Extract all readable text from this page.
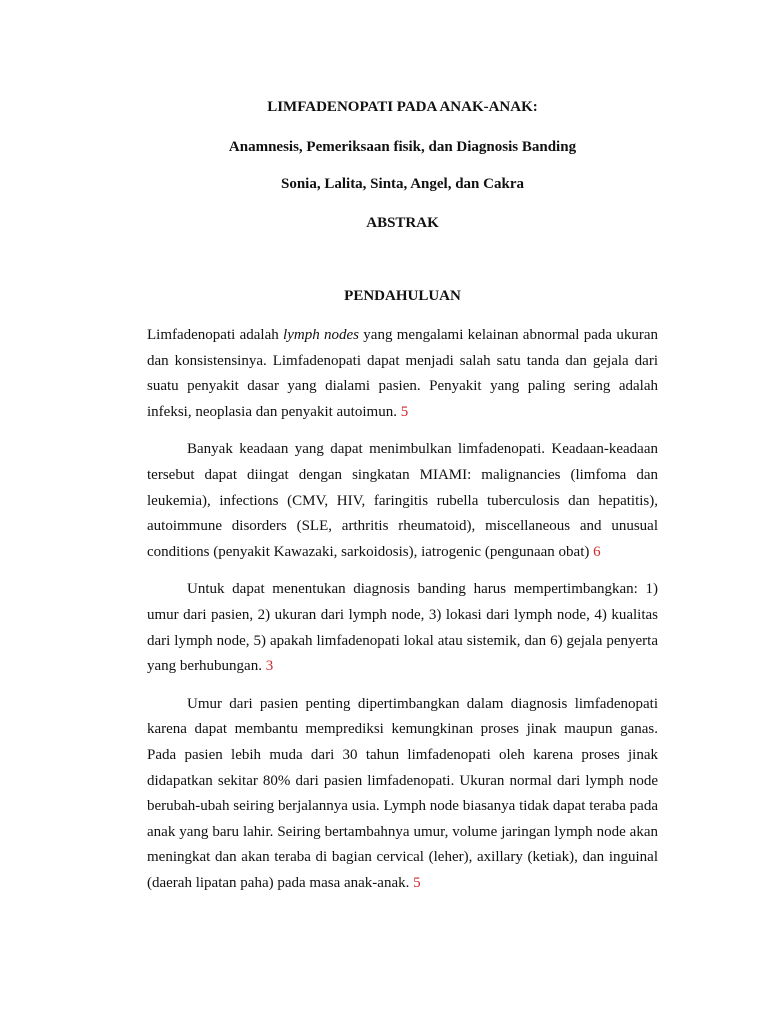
LIMFADENOPATI PADA ANAK-ANAK:
Anamnesis, Pemeriksaan fisik, dan Diagnosis Banding
Sonia, Lalita, Sinta, Angel, dan Cakra
ABSTRAK
PENDAHULUAN

Limfadenopati adalah lymph nodes yang mengalami kelainan abnormal pada ukuran dan konsistensinya. Limfadenopati dapat menjadi salah satu tanda dan gejala dari suatu penyakit dasar yang dialami pasien. Penyakit yang paling sering adalah infeksi, neoplasia dan penyakit autoimun. 5

Banyak keadaan yang dapat menimbulkan limfadenopati. Keadaan-keadaan tersebut dapat diingat dengan singkatan MIAMI: malignancies (limfoma dan leukemia), infections (CMV, HIV, faringitis rubella tuberculosis dan hepatitis), autoimmune disorders (SLE, arthritis rheumatoid), miscellaneous and unusual conditions (penyakit Kawazaki, sarkoidosis), iatrogenic (pengunaan obat) 6

Untuk dapat menentukan diagnosis banding harus mempertimbangkan: 1) umur dari pasien, 2) ukuran dari lymph node, 3) lokasi dari lymph node, 4) kualitas dari lymph node, 5) apakah limfadenopati lokal atau sistemik, dan 6) gejala penyerta yang berhubungan. 3

Umur dari pasien penting dipertimbangkan dalam diagnosis limfadenopati karena dapat membantu memprediksi kemungkinan proses jinak maupun ganas. Pada pasien lebih muda dari 30 tahun limfadenopati oleh karena proses jinak didapatkan sekitar 80% dari pasien limfadenopati. Ukuran normal dari lymph node berubah-ubah seiring berjalannya usia. Lymph node biasanya tidak dapat teraba pada anak yang baru lahir. Seiring bertambahnya umur, volume jaringan lymph node akan meningkat dan akan teraba di bagian cervical (leher), axillary (ketiak), dan inguinal (daerah lipatan paha) pada masa anak-anak. 5
